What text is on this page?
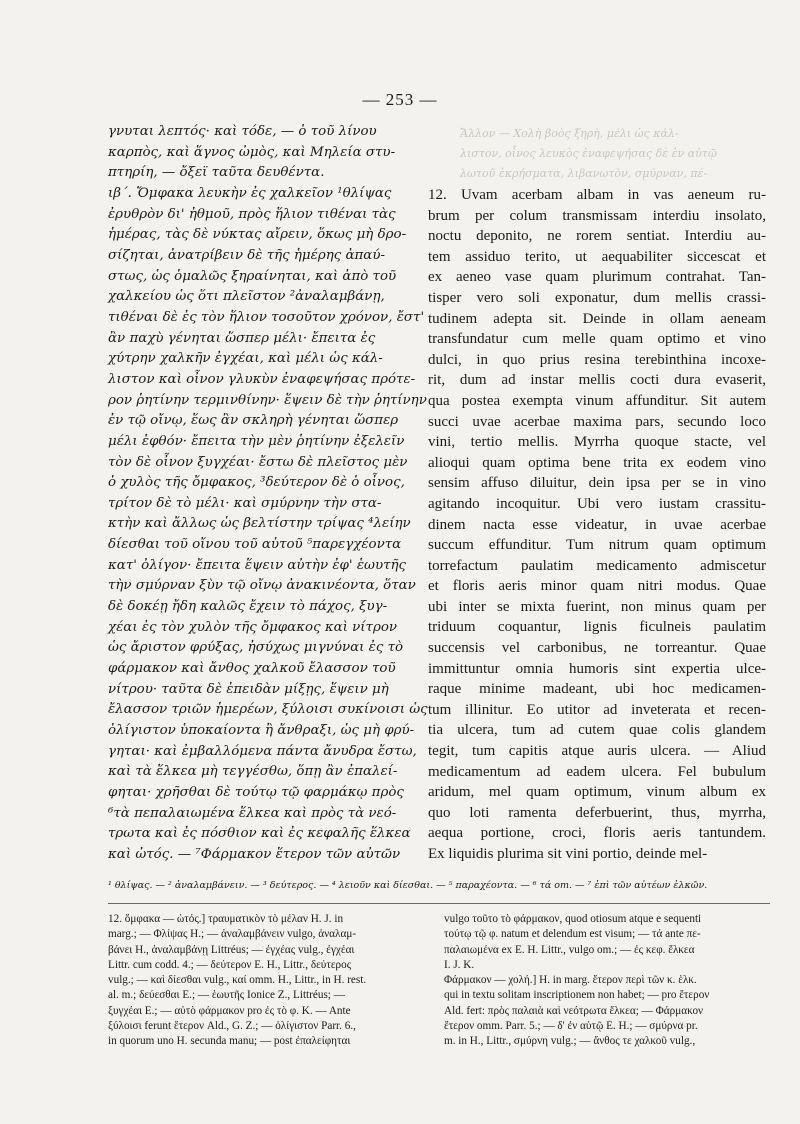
— 253 —
Ἄλλον — Χολὴ βοὸς ξηρὴ, μέλι ὡς κάλ-
λιστον, οἶνος λευκὸς ἑναφεψήσας δὲ ἐν αὐτῷ
λωτοῦ ἐκρήσματα, λιβανωτὸν, σμύρναν, πέ-
γνυται λεπτός· καὶ τόδε, — ὁ τοῦ λίνου
καρπὸς, καὶ ἅγνος ὠμὸς, καὶ Μηλεία στυ-
πτηρίη, — ὄξεϊ ταῦτα δευθέντα.
ιβ΄. Ὄμφακα λευκὴν ἐς χαλκεῖον ¹θλίψας
ἐρυθρὸν δι' ἠθμοῦ, πρὸς ἥλιον τιθέναι τὰς
ἡμέρας, τὰς δὲ νύκτας αἴρειν, ὅκως μὴ δρο-
σίζηται, ἀνατρίβειν δὲ τῆς ἡμέρης ἀπαύ-
στως, ὡς ὁμαλῶς ξηραίνηται, καὶ ἀπὸ τοῦ
χαλκείου ὡς ὅτι πλεῖστον ²ἀναλαμβάνῃ,
τιθέναι δὲ ἐς τὸν ἥλιον τοσοῦτον χρόνον, ἔστ'
ἂν παχὺ γένηται ὥσπερ μέλι· ἔπειτα ἐς
χύτρην χαλκῆν ἐγχέαι, καὶ μέλι ὡς κάλ-
λιστον καὶ οἶνον γλυκὺν ἐναφεψήσας πρότε-
ρον ῥητίνην τερμινθίνην· ἕψειν δὲ τὴν ῥητίνην
ἐν τῷ οἴνῳ, ἕως ἂν σκληρὴ γένηται ὥσπερ
μέλι ἑφθόν· ἔπειτα τὴν μὲν ῥητίνην ἐξελεῖν
τὸν δὲ οἶνον ξυγχέαι· ἔστω δὲ πλεῖστος μὲν
ὁ χυλὸς τῆς ὄμφακος, ³δεύτερον δὲ ὁ οἶνος,
τρίτον δὲ τὸ μέλι· καὶ σμύρνην τὴν στα-
κτὴν καὶ ἄλλως ὡς βελτίστην τρίψας ⁴λείην
δίεσθαι τοῦ οἴνου τοῦ αὐτοῦ ⁵παρεγχέοντα
κατ' ὀλίγον· ἔπειτα ἕψειν αὐτὴν ἐφ' ἑωυτῆς
τὴν σμύρναν ξὺν τῷ οἴνῳ ἀνακινέοντα, ὅταν
δὲ δοκέῃ ἤδη καλῶς ἔχειν τὸ πάχος, ξυγ-
χέαι ἐς τὸν χυλὸν τῆς ὄμφακος καὶ νίτρον
ὡς ἄριστον φρύξας, ἠσύχως μιγνύναι ἐς τὸ
φάρμακον καὶ ἄνθος χαλκοῦ ἔλασσον τοῦ
νίτρου· ταῦτα δὲ ἐπειδὰν μίξῃς, ἕψειν μὴ
ἔλασσον τριῶν ἡμερέων, ξύλοισι συκίνοισι ὡς
ὀλίγιστον ὑποκαίοντα ἢ ἄνθραξι, ὡς μὴ φρύ-
γηται· καὶ ἐμβαλλόμενα πάντα ἄνυδρα ἔστω,
καὶ τὰ ἕλκεα μὴ τεγγέσθω, ὅπῃ ἂν ἐπαλεί-
φηται· χρῆσθαι δὲ τούτῳ τῷ φαρμάκῳ πρὸς
⁶τὰ πεπαλαιωμένα ἕλκεα καὶ πρὸς τὰ νεό-
τρωτα καὶ ἐς πόσθιον καὶ ἐς κεφαλῆς ἕλκεα
καὶ ὠτός. — ⁷Φάρμακον ἕτερον τῶν αὐτῶν
12. Uvam acerbam albam in vas aeneum ru-
brum per colum transmissam interdiu insolato,
noctu deponito, ne rorem sentiat. Interdiu au-
tem assiduo terito, ut aequabiliter siccescat et
ex aeneo vase quam plurimum contrahat. Tan-
tisper vero soli exponatur, dum mellis crassi-
tudinem adepta sit. Deinde in ollam aeneam
transfundatur cum melle quam optimo et vino
dulci, in quo prius resina terebinthina incoxe-
rit, dum ad instar mellis cocti dura evaserit,
qua postea exempta vinum affunditur. Sit autem
succi uvae acerbae maxima pars, secundo loco
vini, tertio mellis. Myrrha quoque stacte, vel
alioqui quam optima bene trita ex eodem vino
sensim affuso diluitur, dein ipsa per se in vino
agitando incoquitur. Ubi vero iustam crassitu-
dinem nacta esse videatur, in uvae acerbae
succum effunditur. Tum nitrum quam optimum
torrefactum paulatim medicamento admiscetur
et floris aeris minor quam nitri modus. Quae
ubi inter se mixta fuerint, non minus quam per
triduum coquantur, lignis ficulneis paulatim
succensis vel carbonibus, ne torreantur. Quae
immittuntur omnia humoris sint expertia ulce-
raque minime madeant, ubi hoc medicamen-
tum illinitur. Eo utitor ad inveterata et recen-
tia ulcera, tum ad cutem quae colis glandem
tegit, tum capitis atque auris ulcera. — Aliud
medicamentum ad eadem ulcera. Fel bubulum
aridum, mel quam optimum, vinum album ex
quo loti ramenta deferbuerint, thus, myrrha,
aequa portione, croci, floris aeris tantundem.
Ex liquidis plurima sit vini portio, deinde mel-
¹ θλίψας. — ² ἀναλαμβάνειν. — ³ δεύτερος. — ⁴ λειοῦν καὶ δίεσθαι. — ⁵ παραχέοντα. — ⁶ τά om. — ⁷ ἐπὶ τῶν αὐτέων ἑλκῶν.
12. ὄμφακα — ὠτός.] τραυματικὸν τὸ μέλαν H. J. in
marg.; — Φλίψας H.; — ἀναλαμβάνειν vulgo, ἀναλαμ-
βάνει H., ἀναλαμβάνῃ Littréus; — ἐγχέας vulg., ἐγχέαι
Littr. cum codd. 4.; — δεύτερον E. H., Littr., δεύτερος
vulg.; — καὶ δίεσθαι vulg., καί omm. H., Littr., in H. rest.
al. m.; δεύεσθαι E.; — ἑωυτῆς Ionice Z., Littréus; —
ξυγχέαι E.; — αὐτὸ φάρμακον pro ἐς τὸ φ. K. — Ante
ξύλοισι ferunt ἔτερον Ald., G. Z.; — ὀλίγιστον Parr. 6.,
in quorum uno H. secunda manu; — post ἐπαλείφηται
vulgo τοῦτο τὸ φάρμακον, quod otiosum atque e sequenti
τούτῳ τῷ φ. natum et delendum est visum; — τά ante πε-
παλαιωμένα ex E. H. Littr., vulgo om.; — ἐς κεφ. ἕλκεα
I. J. K.
Φάρμακον — χολή.] H. in marg. ἕτερον περὶ τῶν κ. ἑλκ.
qui in textu solitam inscriptionem non habet; — pro ἕτερον
Ald. fert: πρὸς παλαιὰ καὶ νεότρωτα ἕλκεα; — Φάρμακον
ἕτερον omm. Parr. 5.; — δ' ἐν αὐτῷ E. H.; — σμύρνα pr.
m. in H., Littr., σμύρνη vulg.; — ἄνθος τε χαλκοῦ vulg.,
